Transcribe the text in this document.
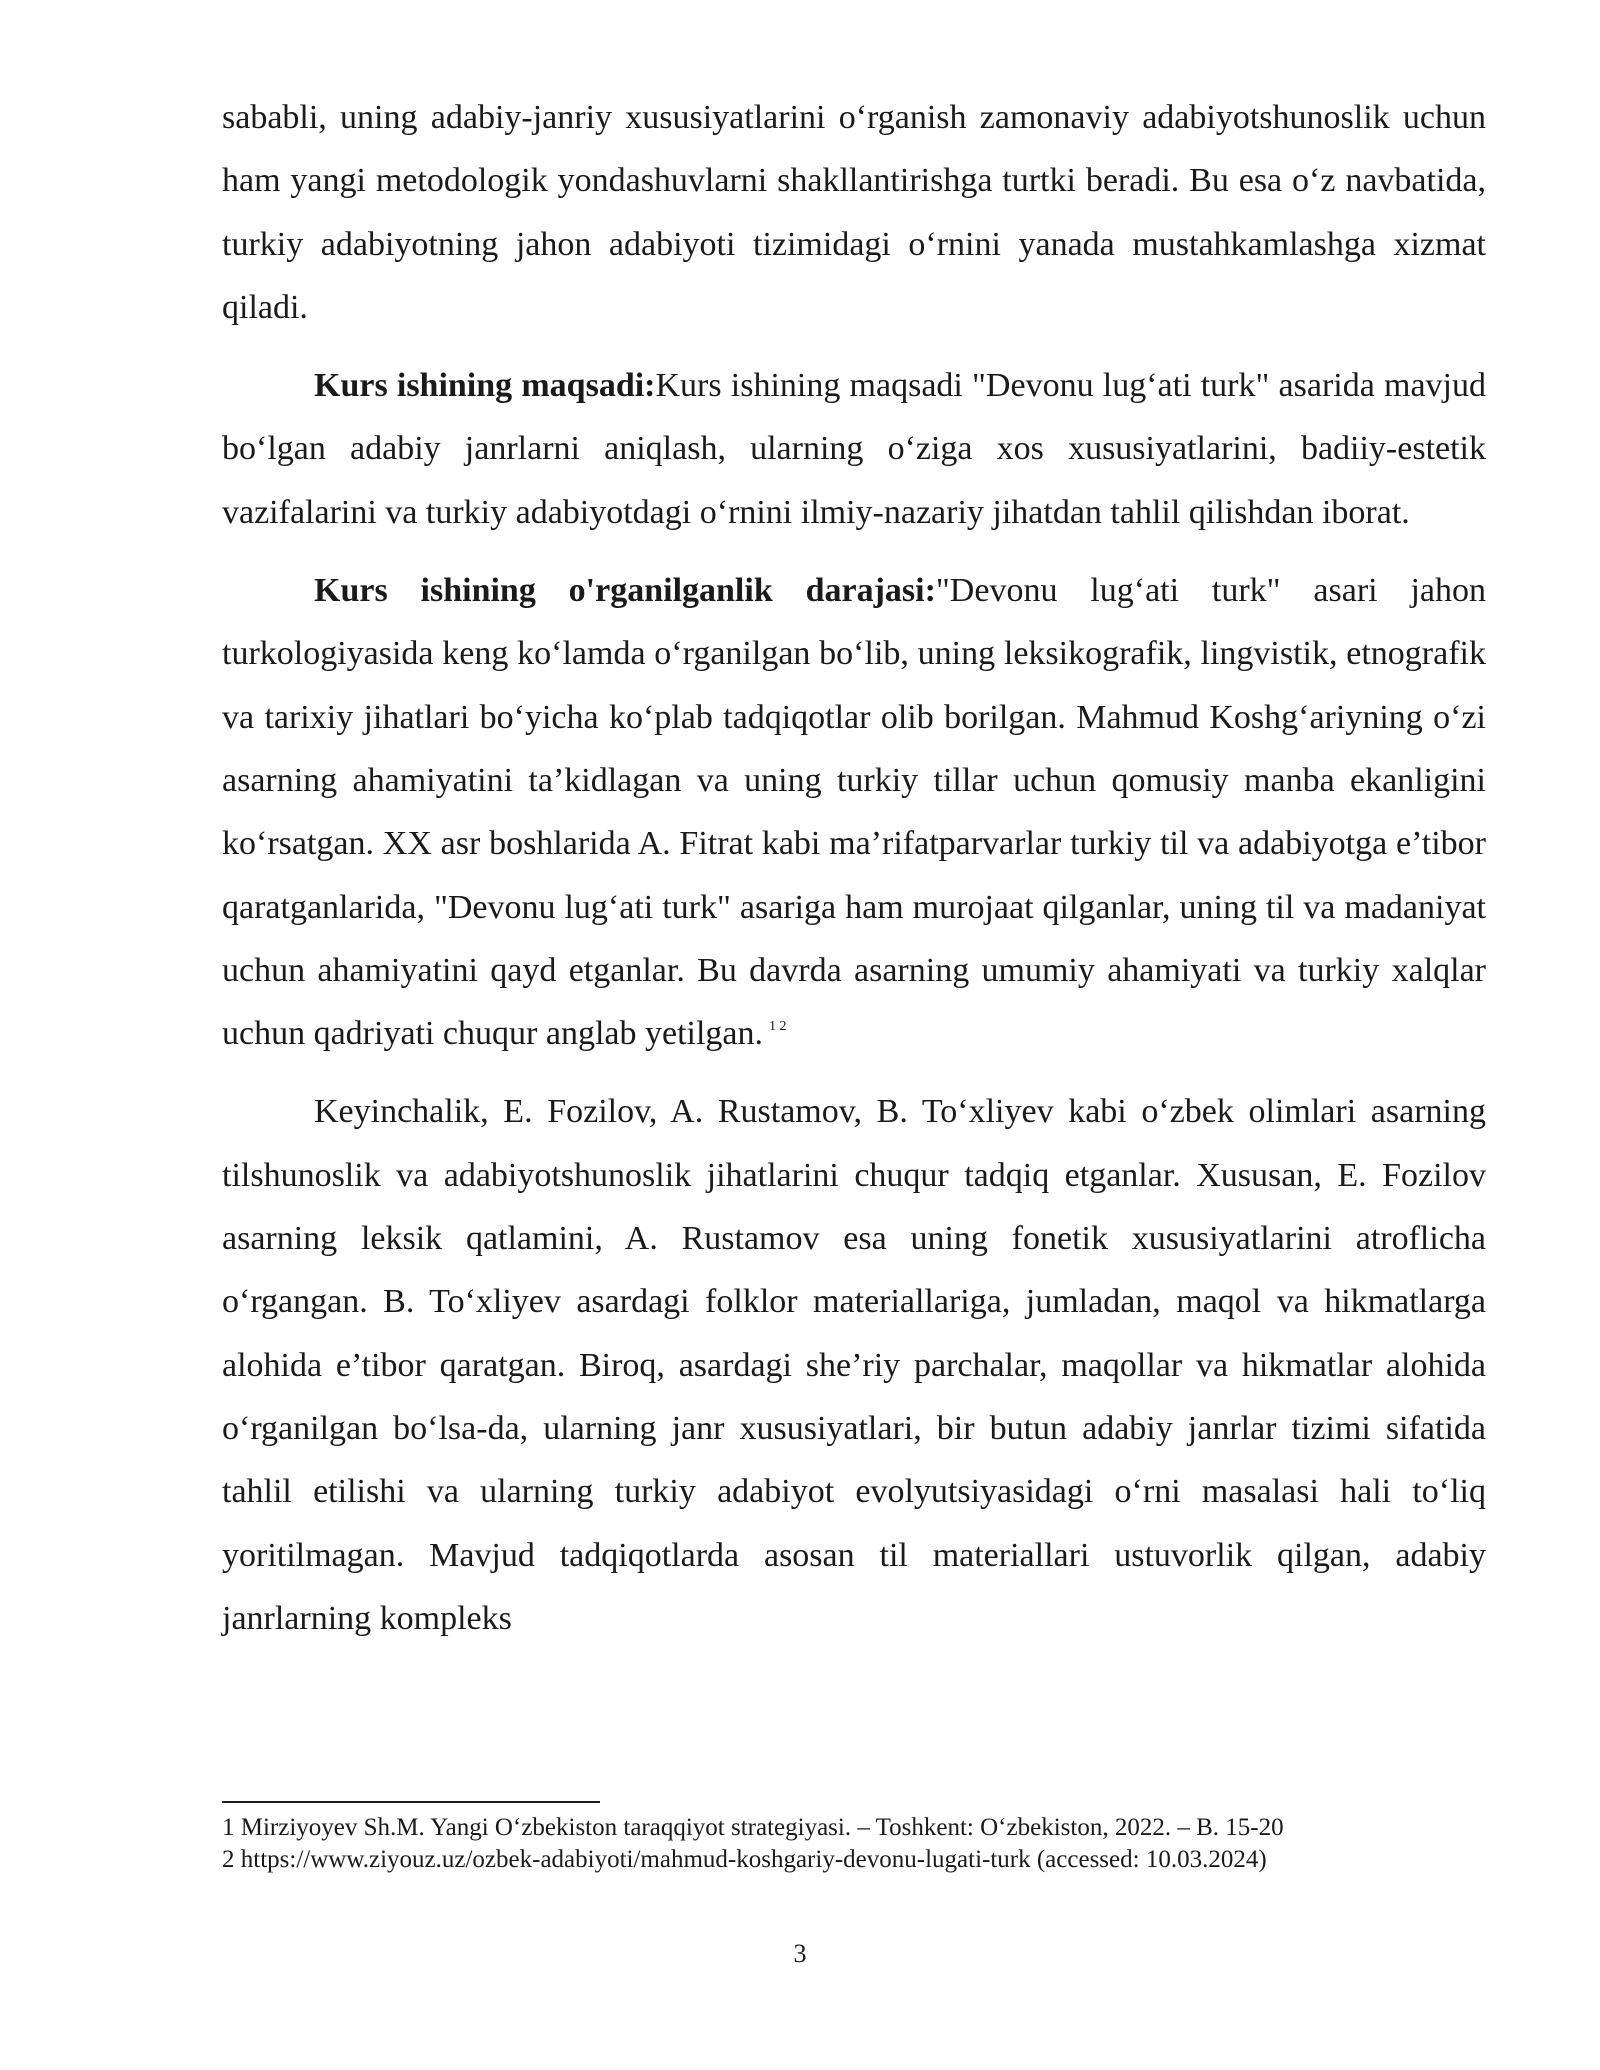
sababli, uning adabiy-janriy xususiyatlarini o‘rganish zamonaviy adabiyotshunoslik uchun ham yangi metodologik yondashuvlarni shakllantirishga turtki beradi. Bu esa o‘z navbatida, turkiy adabiyotning jahon adabiyoti tizimidagi o‘rnini yanada mustahkamlashga xizmat qiladi.

Kurs ishining maqsadi:Kurs ishining maqsadi "Devonu lug‘ati turk" asarida mavjud bo‘lgan adabiy janrlarni aniqlash, ularning o‘ziga xos xususiyatlarini, badiiy-estetik vazifalarini va turkiy adabiyotdagi o‘rnini ilmiy-nazariy jihatdan tahlil qilishdan iborat.

Kurs ishining o'rganilganlik darajasi:"Devonu lug‘ati turk" asari jahon turkologiyasida keng ko‘lamda o‘rganilgan bo‘lib, uning leksikografik, lingvistik, etnografik va tarixiy jihatlari bo‘yicha ko‘plab tadqiqotlar olib borilgan. Mahmud Koshg‘ariyning o‘zi asarning ahamiyatini ta’kidlagan va uning turkiy tillar uchun qomusiy manba ekanligini ko‘rsatgan. XX asr boshlarida A. Fitrat kabi ma’rifatparvarlar turkiy til va adabiyotga e’tibor qaratganlarida, "Devonu lug‘ati turk" asariga ham murojaat qilganlar, uning til va madaniyat uchun ahamiyatini qayd etganlar. Bu davrda asarning umumiy ahamiyati va turkiy xalqlar uchun qadriyati chuqur anglab yetilgan. $^{1 2}$

Keyinchalik, E. Fozilov, A. Rustamov, B. To‘xliyev kabi o‘zbek olimlari asarning tilshunoslik va adabiyotshunoslik jihatlarini chuqur tadqiq etganlar. Xususan, E. Fozilov asarning leksik qatlamini, A. Rustamov esa uning fonetik xususiyatlarini atroflicha o‘rgangan. B. To‘xliyev asardagi folklor materiallariga, jumladan, maqol va hikmatlarga alohida e’tibor qaratgan. Biroq, asardagi she’riy parchalar, maqollar va hikmatlar alohida o‘rganilgan bo‘lsa-da, ularning janr xususiyatlari, bir butun adabiy janrlar tizimi sifatida tahlil etilishi va ularning turkiy adabiyot evolyutsiyasidagi o‘rni masalasi hali to‘liq yoritilmagan. Mavjud tadqiqotlarda asosan til materiallari ustuvorlik qilgan, adabiy janrlarning kompleks

1 Mirziyoyev Sh.M. Yangi O‘zbekiston taraqqiyot strategiyasi. – Toshkent: O‘zbekiston, 2022. – B. 15-20

2 https://www.ziyouz.uz/ozbek-adabiyoti/mahmud-koshgariy-devonu-lugati-turk (accessed: 10.03.2024)

3
